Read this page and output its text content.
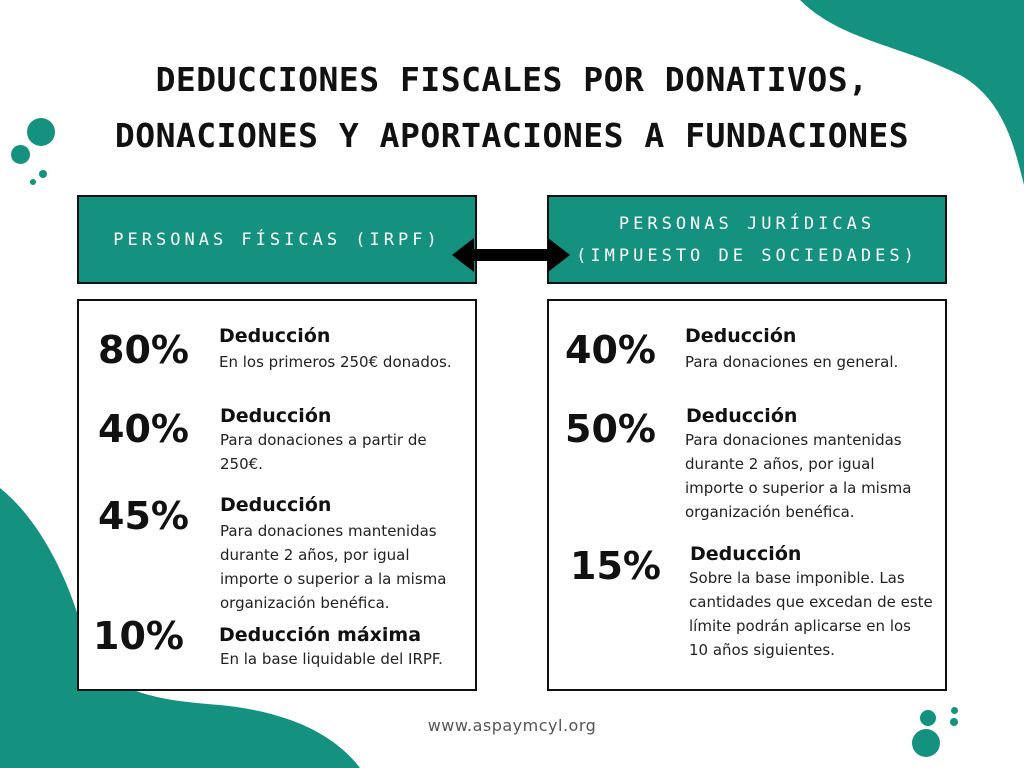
DEDUCCIONES FISCALES POR DONATIVOS,
DONACIONES Y APORTACIONES A FUNDACIONES
PERSONAS FÍSICAS (IRPF)
PERSONAS JURÍDICAS
(IMPUESTO DE SOCIEDADES)
80% Deducción
En los primeros 250€ donados.
40% Deducción
Para donaciones a partir de 250€.
45% Deducción
Para donaciones mantenidas durante 2 años, por igual importe o superior a la misma organización benéfica.
10% Deducción máxima
En la base liquidable del IRPF.
40% Deducción
Para donaciones en general.
50% Deducción
Para donaciones mantenidas durante 2 años, por igual importe o superior a la misma organización benéfica.
15% Deducción
Sobre la base imponible. Las cantidades que excedan de este límite podrán aplicarse en los 10 años siguientes.
www.aspaymcyl.org
